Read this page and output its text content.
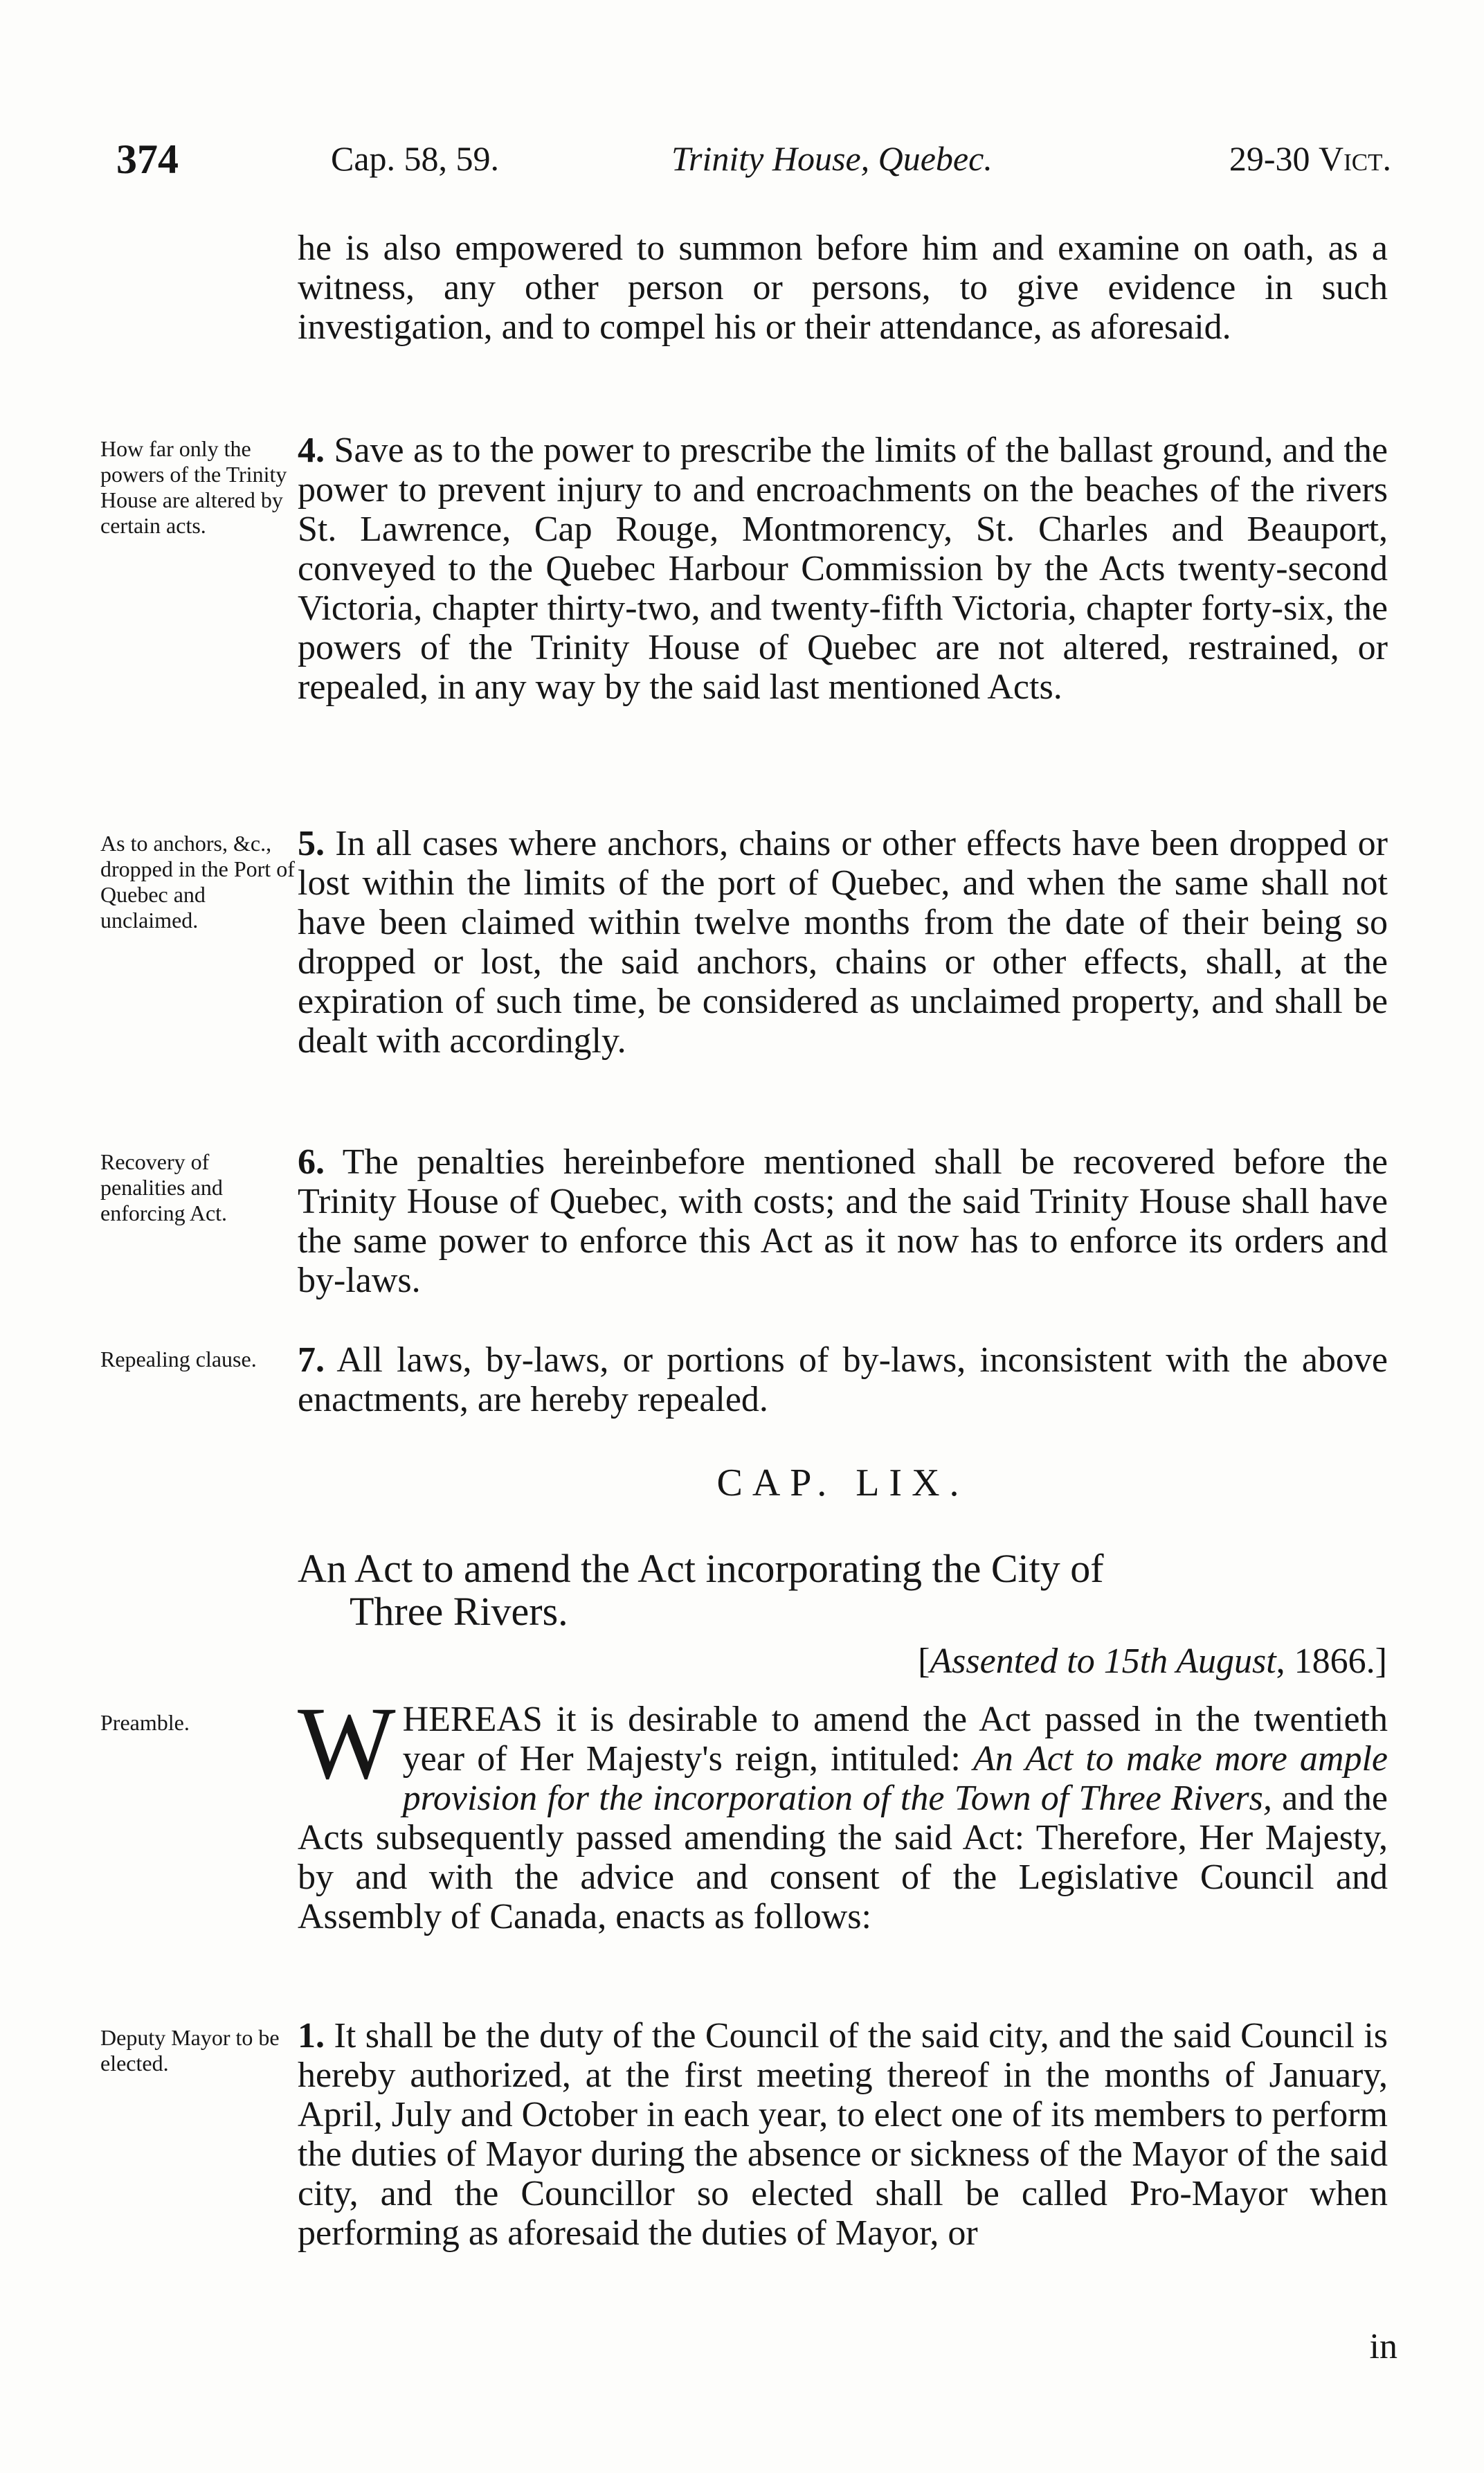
374	Cap. 58, 59.	Trinity House, Quebec.	29-30 Vict.

he is also empowered to summon before him and examine on oath, as a witness, any other person or persons, to give evidence in such investigation, and to compel his or their attendance, as aforesaid.

How far only the powers of the Trinity House are altered by certain acts.

4. Save as to the power to prescribe the limits of the ballast ground, and the power to prevent injury to and encroachments on the beaches of the rivers St. Lawrence, Cap Rouge, Montmorency, St. Charles and Beauport, conveyed to the Quebec Harbour Commission by the Acts twenty-second Victoria, chapter thirty-two, and twenty-fifth Victoria, chapter forty-six, the powers of the Trinity House of Quebec are not altered, restrained, or repealed, in any way by the said last mentioned Acts.

As to anchors, &c., dropped in the Port of Quebec and unclaimed.

5. In all cases where anchors, chains or other effects have been dropped or lost within the limits of the port of Quebec, and when the same shall not have been claimed within twelve months from the date of their being so dropped or lost, the said anchors, chains or other effects, shall, at the expiration of such time, be considered as unclaimed property, and shall be dealt with accordingly.

Recovery of penalities and enforcing Act.

6. The penalties hereinbefore mentioned shall be recovered before the Trinity House of Quebec, with costs; and the said Trinity House shall have the same power to enforce this Act as it now has to enforce its orders and by-laws.

Repealing clause.	7. All laws, by-laws, or portions of by-laws, inconsistent with the above enactments, are hereby repealed.

CAP. LIX.
An Act to amend the Act incorporating the City of
Three Rivers.
[Assented to 15th August, 1866.]
Preamble.	WHEREAS it is desirable to amend the Act passed in the twentieth year of Her Majesty's reign, intituled: An Act to make more ample provision for the incorporation of the Town of Three Rivers, and the Acts subsequently passed amending the said Act: Therefore, Her Majesty, by and with the advice and consent of the Legislative Council and Assembly of Canada, enacts as follows:

Deputy Mayor to be elected.

1. It shall be the duty of the Council of the said city, and the said Council is hereby authorized, at the first meeting thereof in the months of January, April, July and October in each year, to elect one of its members to perform the duties of Mayor during the absence or sickness of the Mayor of the said city, and the Councillor so elected shall be called Pro-Mayor when performing as aforesaid the duties of Mayor, or

in
